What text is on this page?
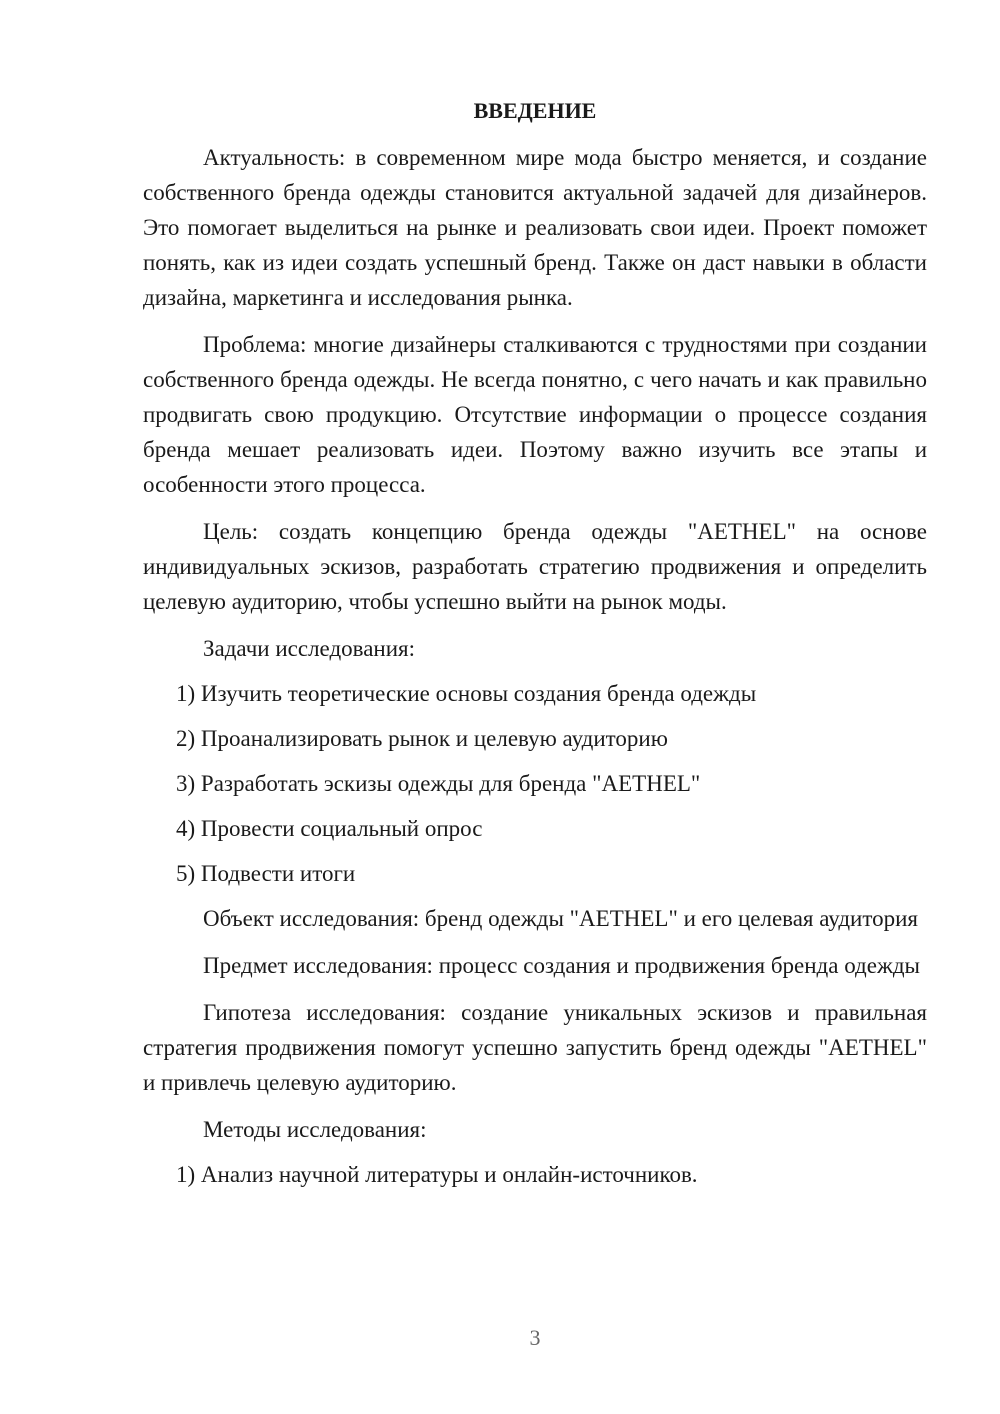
ВВЕДЕНИЕ

Актуальность: в современном мире мода быстро меняется, и создание собственного бренда одежды становится актуальной задачей для дизайнеров. Это помогает выделиться на рынке и реализовать свои идеи. Проект поможет понять, как из идеи создать успешный бренд. Также он даст навыки в области дизайна, маркетинга и исследования рынка.

Проблема: многие дизайнеры сталкиваются с трудностями при создании собственного бренда одежды. Не всегда понятно, с чего начать и как правильно продвигать свою продукцию. Отсутствие информации о процессе создания бренда мешает реализовать идеи. Поэтому важно изучить все этапы и особенности этого процесса.

Цель: создать концепцию бренда одежды "AETHEL" на основе индивидуальных эскизов, разработать стратегию продвижения и определить целевую аудиторию, чтобы успешно выйти на рынок моды.

Задачи исследования:
1) Изучить теоретические основы создания бренда одежды
2) Проанализировать рынок и целевую аудиторию
3) Разработать эскизы одежды для бренда "AETHEL"
4) Провести социальный опрос
5) Подвести итоги

Объект исследования: бренд одежды "AETHEL" и его целевая аудитория

Предмет исследования: процесс создания и продвижения бренда одежды

Гипотеза исследования: создание уникальных эскизов и правильная стратегия продвижения помогут успешно запустить бренд одежды "AETHEL" и привлечь целевую аудиторию.

Методы исследования:
1) Анализ научной литературы и онлайн-источников.
3
